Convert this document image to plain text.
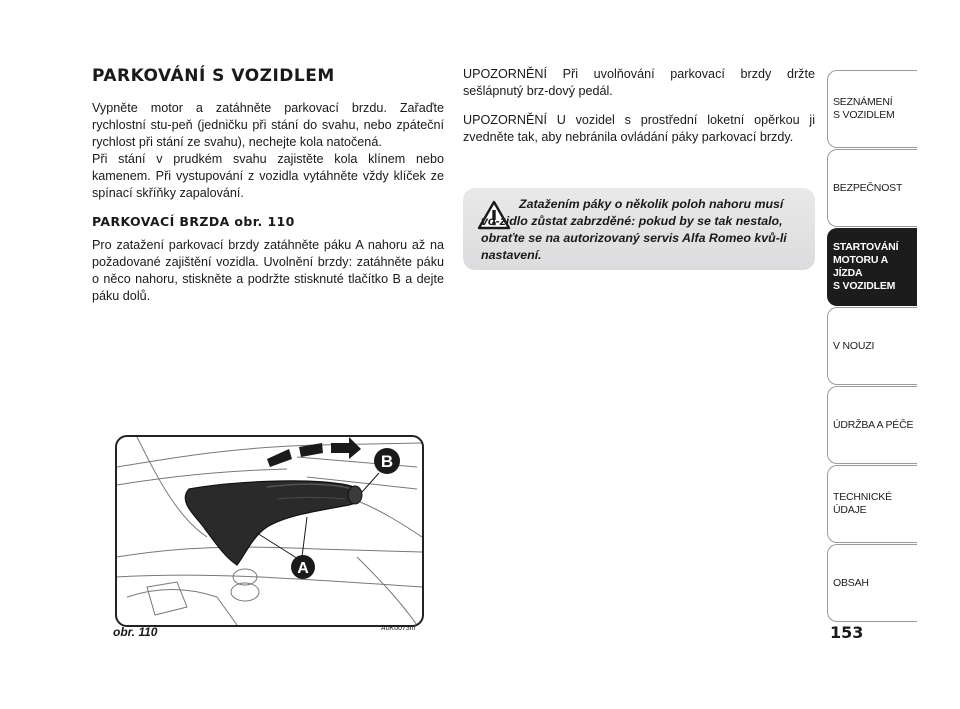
PARKOVÁNÍ S VOZIDLEM

Vypněte motor a zatáhněte parkovací brzdu. Zařaďte rychlostní stu-peň (jedničku při stání do svahu, nebo zpáteční rychlost při stání ze svahu), nechejte kola natočená.
Při stání v prudkém svahu zajistěte kola klínem nebo kamenem. Při vystupování z vozidla vytáhněte vždy klíček ze spínací skříňky zapalování.

PARKOVACÍ BRZDA obr. 110

Pro zatažení parkovací brzdy zatáhněte páku A nahoru až na požadované zajištění vozidla. Uvolnění brzdy: zatáhněte páku o něco nahoru, stiskněte a podržte stisknuté tlačítko B a dejte páku dolů.

UPOZORNĚNÍ Při uvolňování parkovací brzdy držte sešlápnutý brz-dový pedál.

UPOZORNĚNÍ U vozidel s prostřední loketní opěrkou ji zvedněte tak, aby nebránila ovládání páky parkovací brzdy.

Zatažením páky o několik poloh nahoru musí vo-zidlo zůstat zabrzděné: pokud by se tak nestalo, obraťte se na autorizovaný servis Alfa Romeo kvů-li nastavení.

B
A
obr. 110	A0K0073m
SEZNÁMENÍ
S VOZIDLEM
BEZPEČNOST
STARTOVÁNÍ
MOTORU A JÍZDA
S VOZIDLEM
V NOUZI
ÚDRŽBA A PÉČE
TECHNICKÉ
ÚDAJE
OBSAH
153
